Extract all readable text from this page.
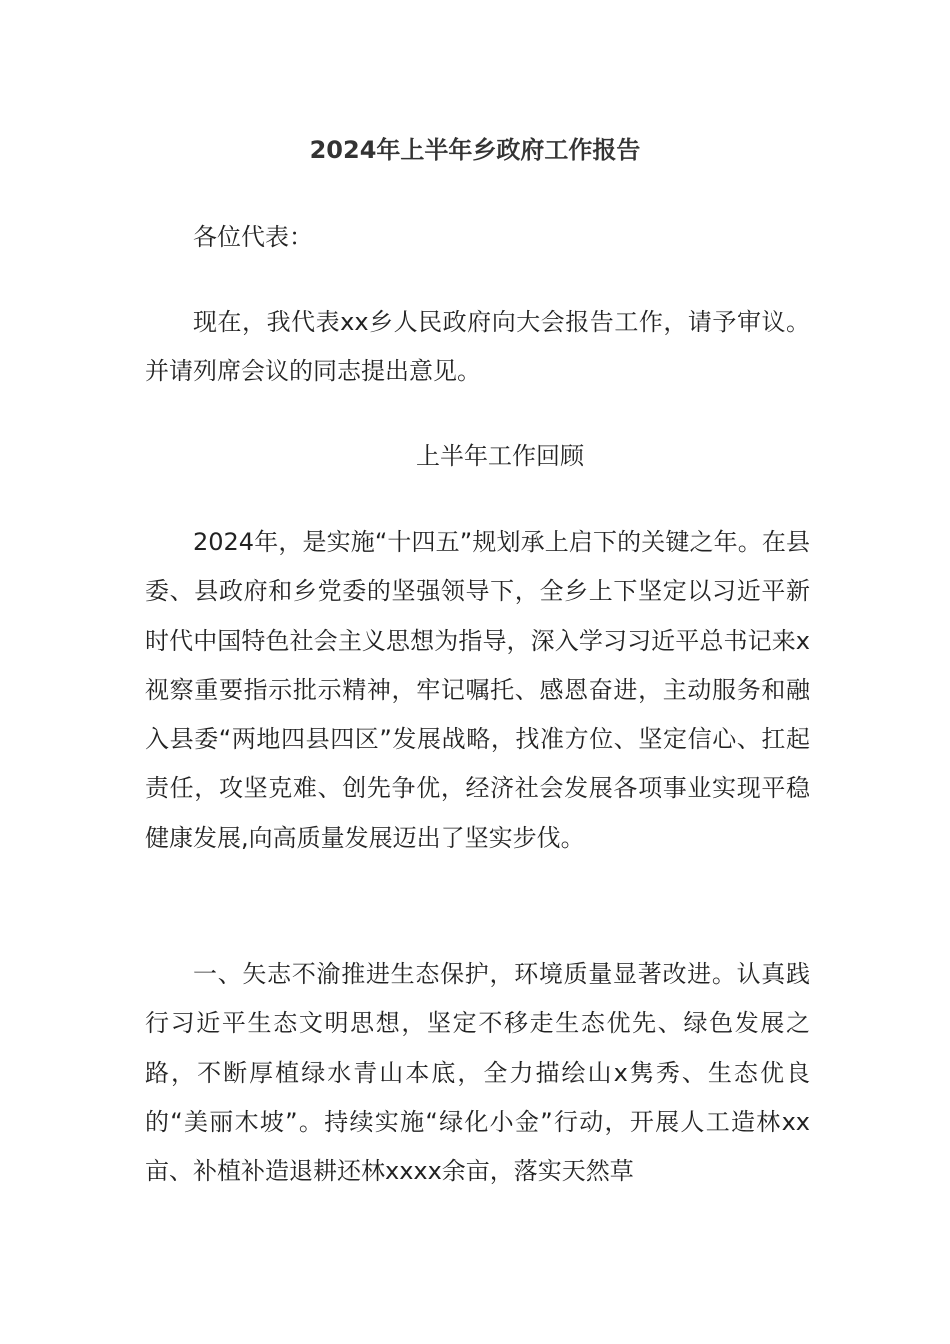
2024年上半年乡政府工作报告

各位代表：

现在，我代表xx乡人民政府向大会报告工作，请予审议。并请列席会议的同志提出意见。

上半年工作回顾

2024年，是实施“十四五”规划承上启下的关键之年。在县委、县政府和乡党委的坚强领导下，全乡上下坚定以习近平新时代中国特色社会主义思想为指导，深入学习习近平总书记来x视察重要指示批示精神，牢记嘱托、感恩奋进，主动服务和融入县委“两地四县四区”发展战略，找准方位、坚定信心、扛起责任，攻坚克难、创先争优，经济社会发展各项事业实现平稳健康发展,向高质量发展迈出了坚实步伐。

一、矢志不渝推进生态保护，环境质量显著改进。认真践行习近平生态文明思想，坚定不移走生态优先、绿色发展之路，不断厚植绿水青山本底，全力描绘山x隽秀、生态优良的“美丽木坡”。持续实施“绿化小金”行动，开展人工造林xx亩、补植补造退耕还林xxxx余亩，落实天然草
